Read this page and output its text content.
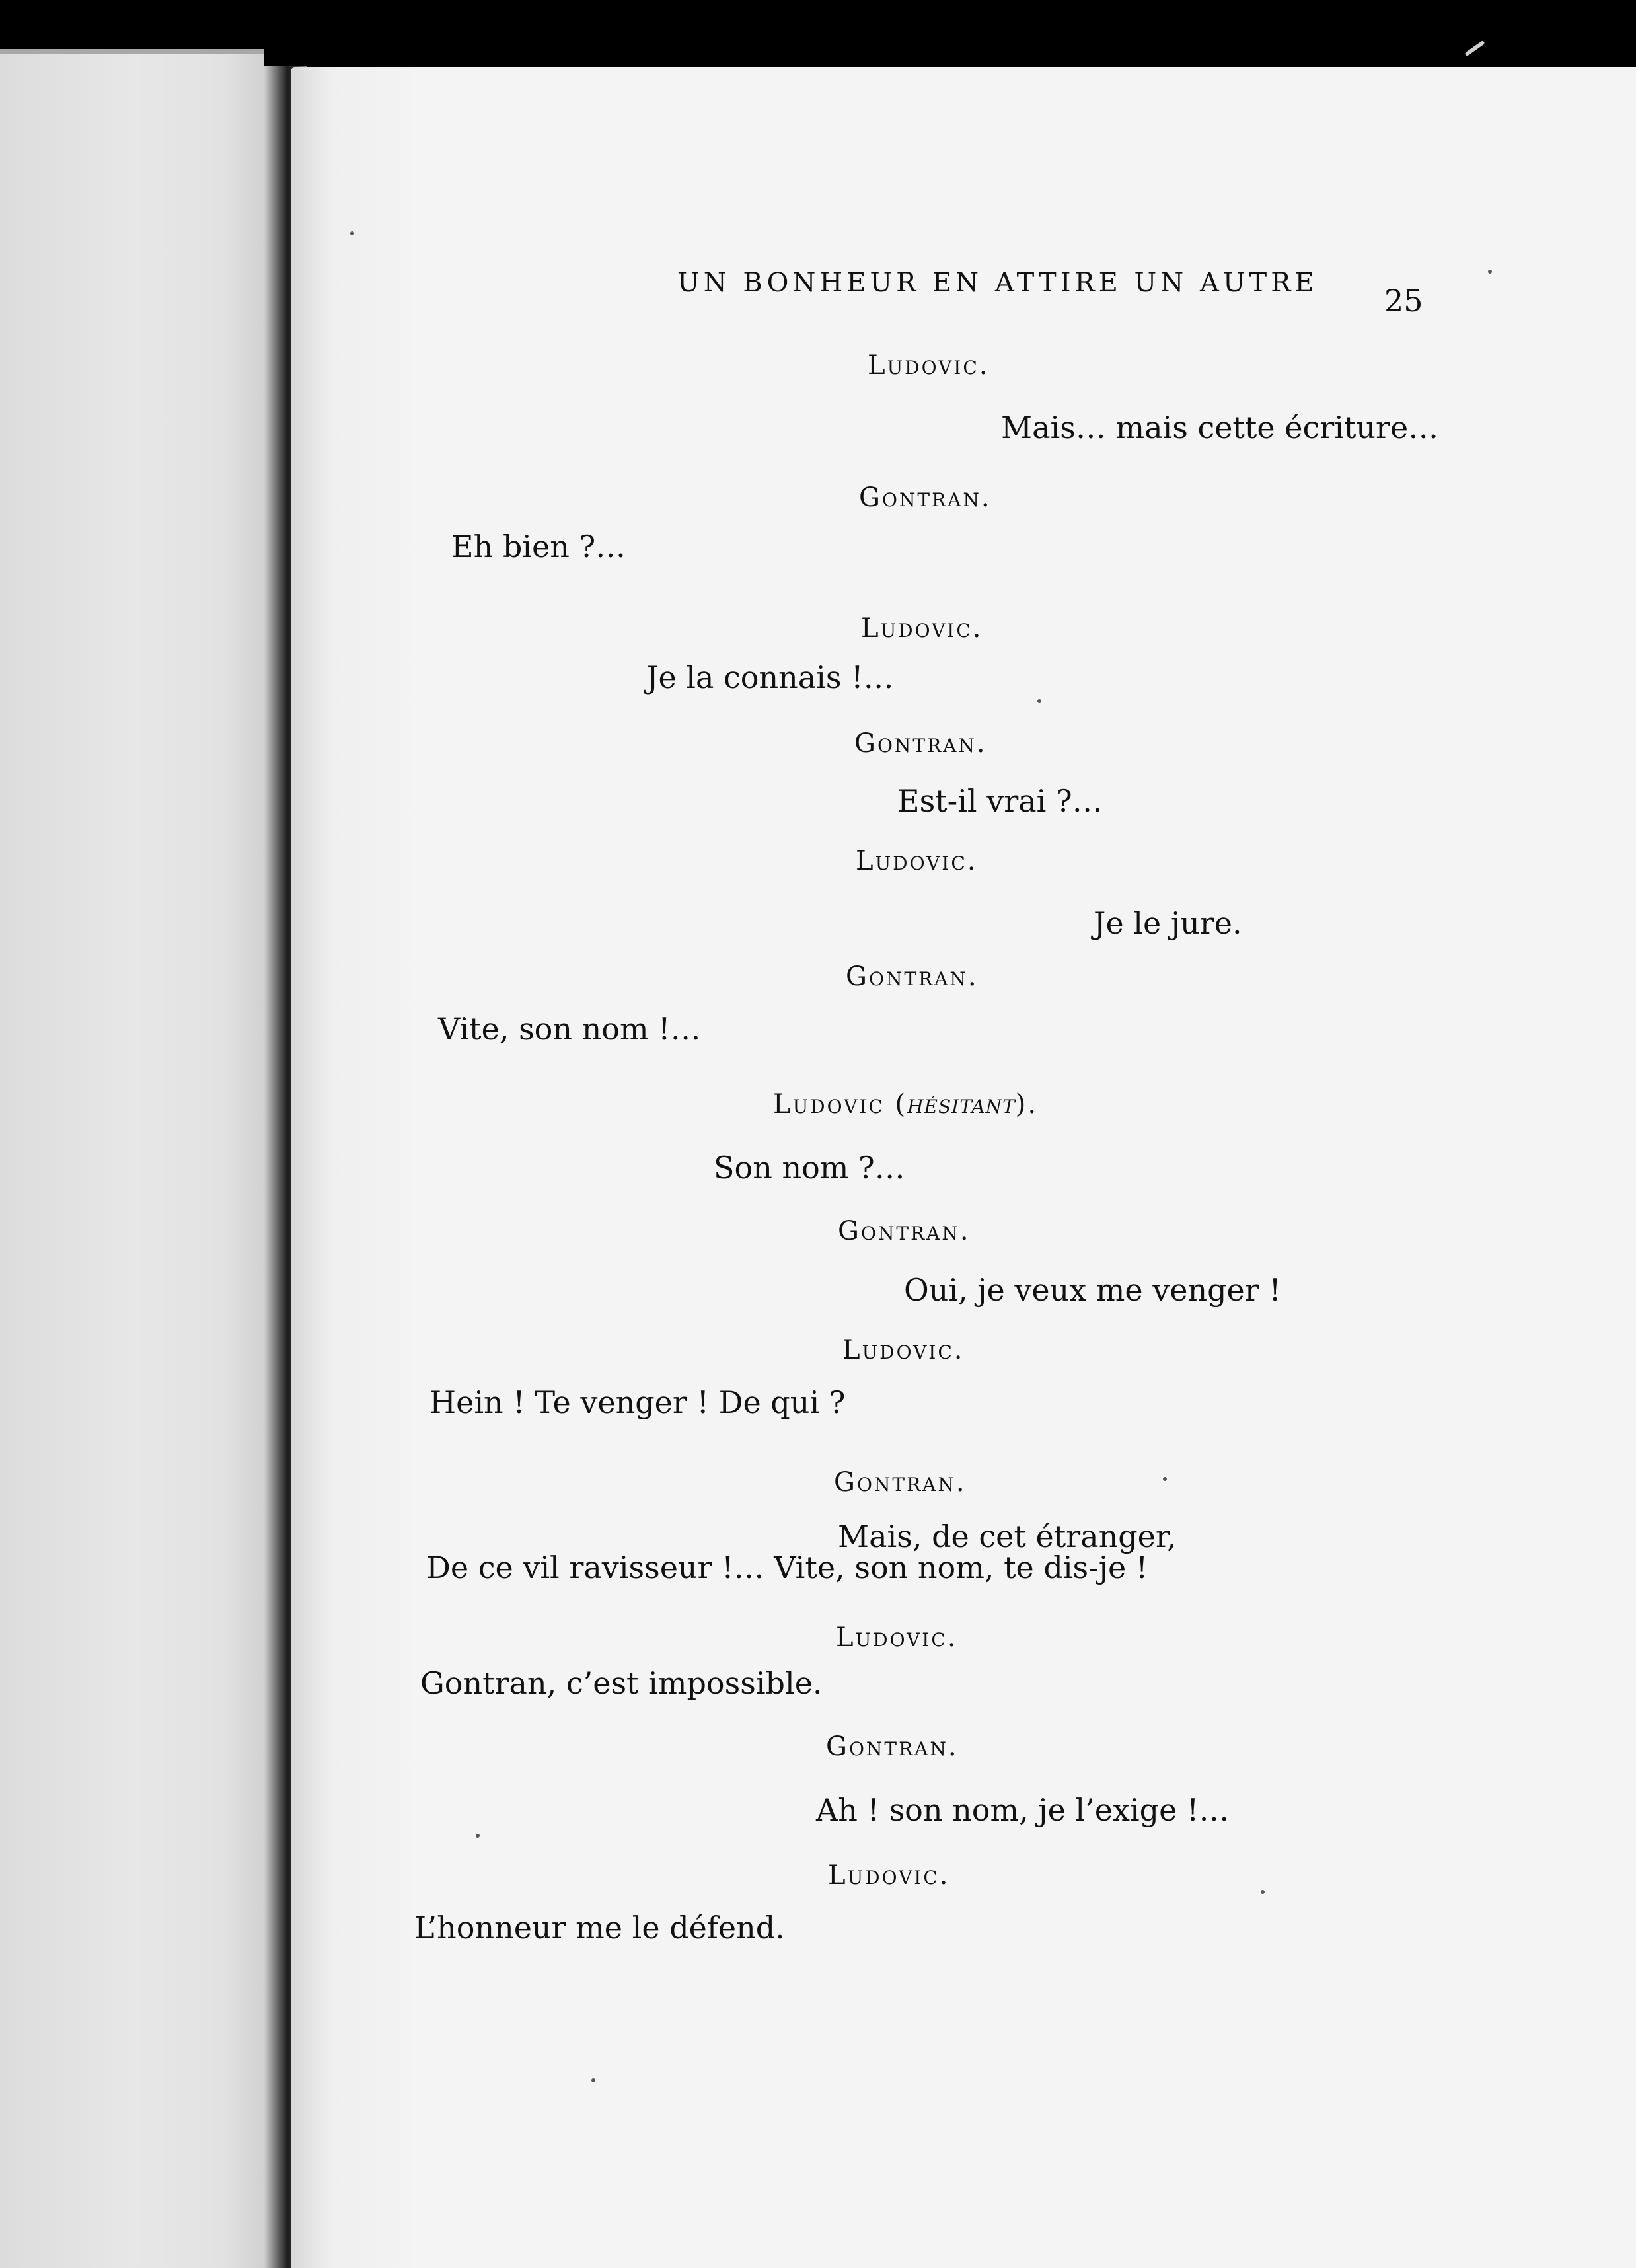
UN BONHEUR EN ATTIRE UN AUTRE 25
Ludovic.
Mais… mais cette écriture…
Gontran.
Eh bien ?…
Ludovic.
Je la connais !…
Gontran.
Est-il vrai ?…
Ludovic.
Je le jure.
Gontran.
Vite, son nom !…
Ludovic (hésitant).
Son nom ?…
Gontran.
Oui, je veux me venger !
Ludovic.
Hein ! Te venger ! De qui ?
Gontran.
Mais, de cet étranger,
De ce vil ravisseur !… Vite, son nom, te dis-je !
Ludovic.
Gontran, c’est impossible.
Gontran.
Ah ! son nom, je l’exige !…
Ludovic.
L’honneur me le défend.
